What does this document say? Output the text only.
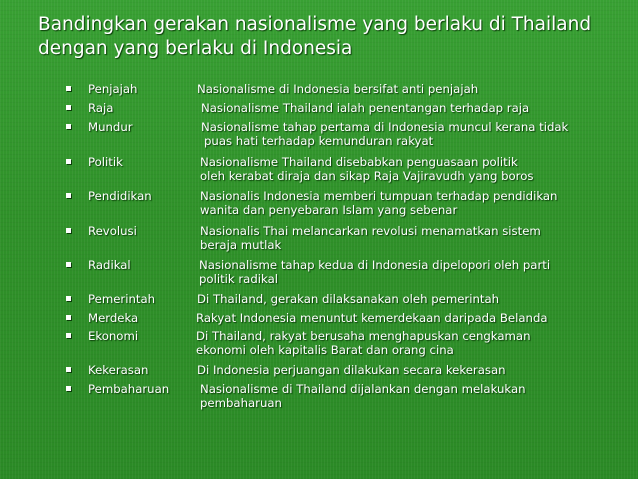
Bandingkan gerakan nasionalisme yang berlaku di Thailand
dengan yang berlaku di Indonesia
Penjajah	Nasionalisme di Indonesia bersifat anti penjajah
Raja	Nasionalisme Thailand ialah penentangan terhadap raja
Mundur	Nasionalisme tahap pertama di Indonesia muncul kerana tidak
puas hati terhadap kemunduran rakyat
Politik	Nasionalisme Thailand disebabkan penguasaan politik
oleh kerabat diraja dan sikap Raja Vajiravudh yang boros
Pendidikan	Nasionalis Indonesia memberi tumpuan terhadap pendidikan
wanita dan penyebaran Islam yang sebenar
Revolusi	Nasionalis Thai melancarkan revolusi menamatkan sistem
beraja mutlak
Radikal	Nasionalisme tahap kedua di Indonesia dipelopori oleh parti
politik radikal
Pemerintah	Di Thailand, gerakan dilaksanakan oleh pemerintah
Merdeka	Rakyat Indonesia menuntut kemerdekaan daripada Belanda
Ekonomi	Di Thailand, rakyat berusaha menghapuskan cengkaman
ekonomi oleh kapitalis Barat dan orang cina
Kekerasan	Di Indonesia perjuangan dilakukan secara kekerasan
Pembaharuan	Nasionalisme di Thailand dijalankan dengan melakukan
pembaharuan
